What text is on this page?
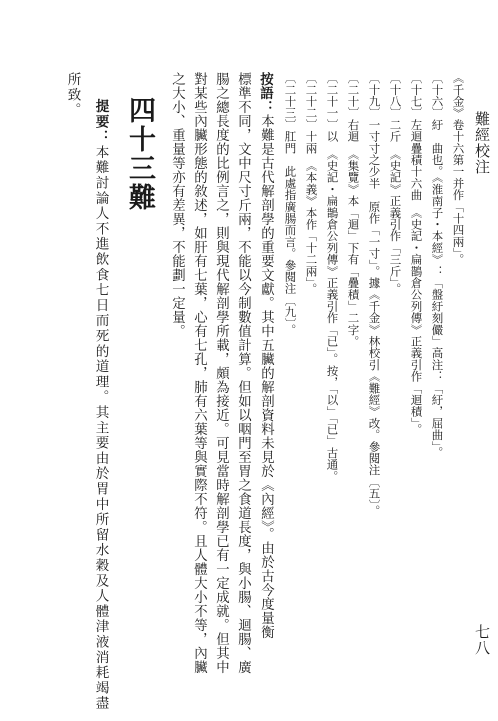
難經校注
《千金》卷十六第一并作「十四兩」。
〔十六〕紆　曲也。《淮南子・本經》：「盤紆刻儼」高注：「紆，屈曲」。
〔十七〕左迴疊積十六曲　《史記・扁鵲倉公列傳》正義引作「迴積」。
〔十八〕二斤　《史記》正義引作「三斤」。
〔十九〕一寸寸之少半　原作「一寸」。據《千金》林校引《難經》改。參閱注〔五〕。
〔二十〕右迴　《集覽》本「迴」下有「疊積」二字。
〔二十一〕以　《史記・扁鵲倉公列傳》正義引作「已」。按，「以」「已」古通。
〔二十二〕十兩　《本義》本作「十二兩」。
〔二十三〕肛門　此處指廣腸而言。參閱注〔九〕。
按語：本難是古代解剖學的重要文獻。其中五臟的解剖資料未見於《內經》。由於古今度量衡
標準不同，文中尺寸斤兩，不能以今制數值計算。但如以咽門至胃之食道長度，與小腸、迴腸、廣
腸之總長度的比例言之，則與現代解剖學所載，頗為接近。可見當時解剖學已有一定成就。但其中
對某些內臟形態的敘述，如肝有七葉，心有七孔，肺有六葉等與實際不符。且人體大小不等，內臟
之大小、重量等亦有差異，不能劃一定量。
四十三難
提要：本難討論人不進飲食七日而死的道理。其主要由於胃中所留水穀及人體津液消耗竭盡
所致。
七八
